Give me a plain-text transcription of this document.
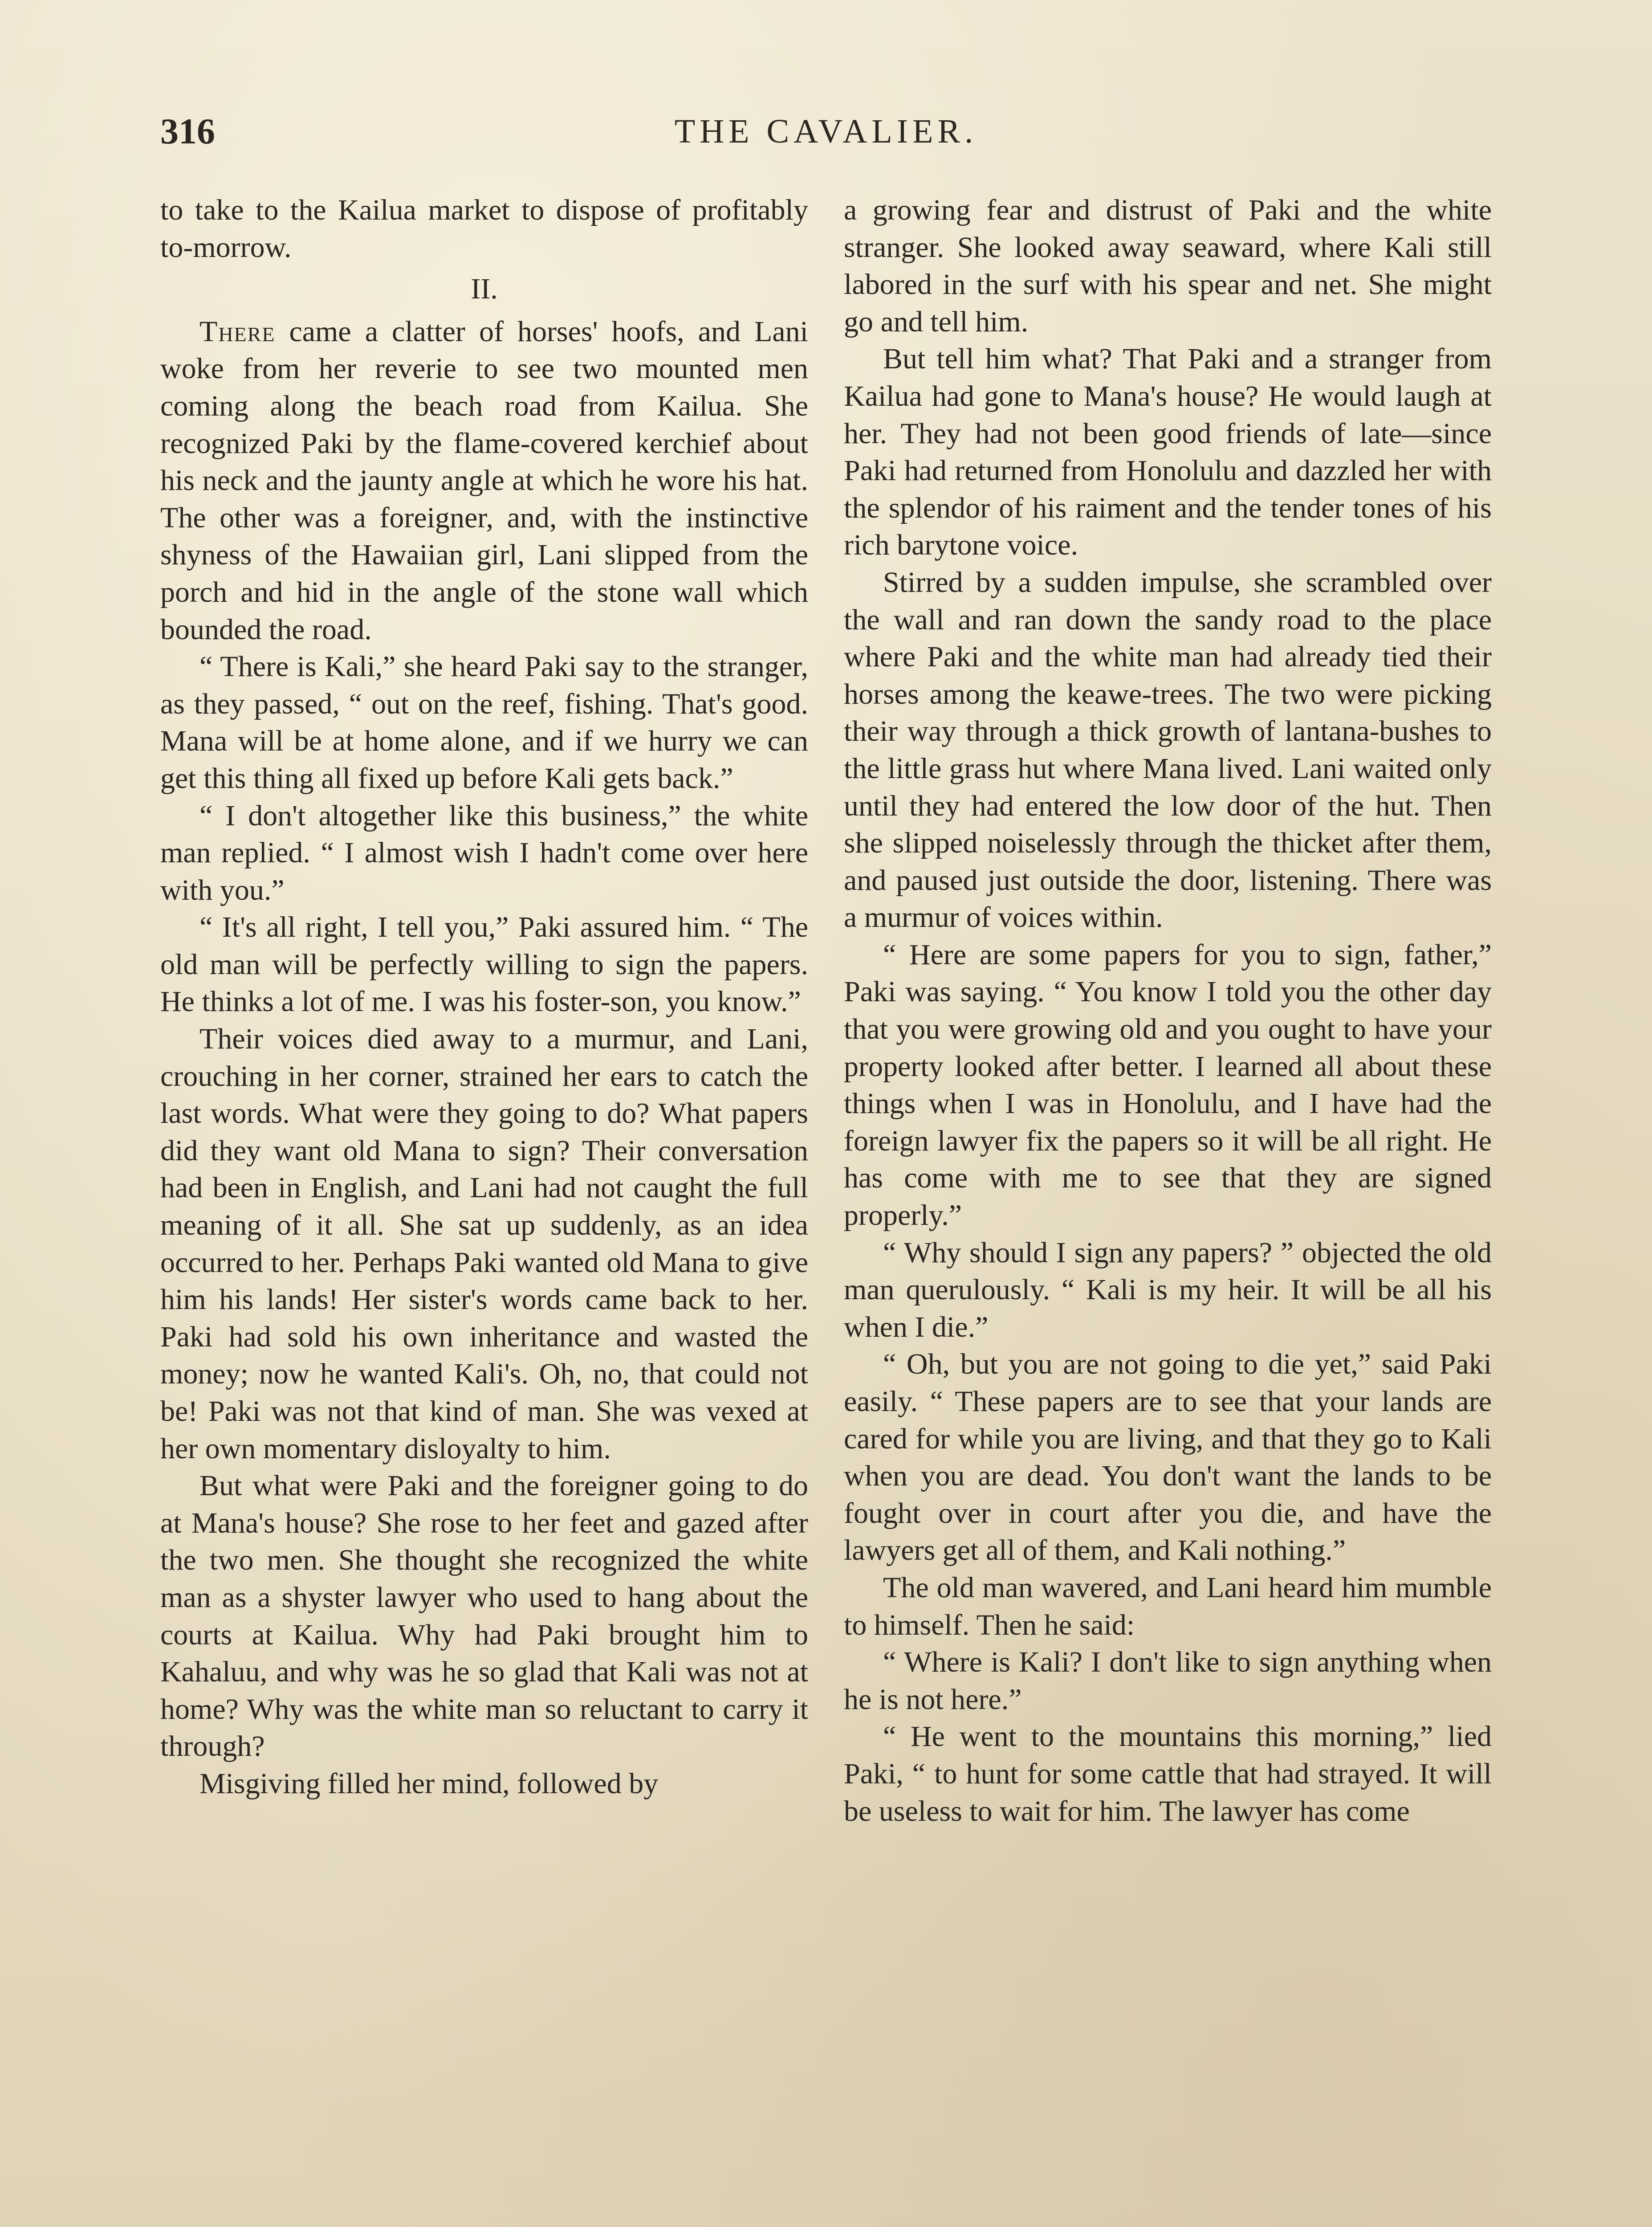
316	THE CAVALIER.

to take to the Kailua market to dispose of profitably to-morrow.

II.

There came a clatter of horses' hoofs, and Lani woke from her reverie to see two mounted men coming along the beach road from Kailua. She recognized Paki by the flame-covered kerchief about his neck and the jaunty angle at which he wore his hat. The other was a foreigner, and, with the instinctive shyness of the Hawaiian girl, Lani slipped from the porch and hid in the angle of the stone wall which bounded the road.

“ There is Kali,” she heard Paki say to the stranger, as they passed, “ out on the reef, fishing. That's good. Mana will be at home alone, and if we hurry we can get this thing all fixed up before Kali gets back.”

“ I don't altogether like this business,” the white man replied. “ I almost wish I hadn't come over here with you.”

“ It's all right, I tell you,” Paki assured him. “ The old man will be perfectly willing to sign the papers. He thinks a lot of me. I was his foster-son, you know.”

Their voices died away to a murmur, and Lani, crouching in her corner, strained her ears to catch the last words. What were they going to do? What papers did they want old Mana to sign? Their conversation had been in English, and Lani had not caught the full meaning of it all. She sat up suddenly, as an idea occurred to her. Perhaps Paki wanted old Mana to give him his lands! Her sister's words came back to her. Paki had sold his own inheritance and wasted the money; now he wanted Kali's. Oh, no, that could not be! Paki was not that kind of man. She was vexed at her own momentary disloyalty to him.

But what were Paki and the foreigner going to do at Mana's house? She rose to her feet and gazed after the two men. She thought she recognized the white man as a shyster lawyer who used to hang about the courts at Kailua. Why had Paki brought him to Kahaluu, and why was he so glad that Kali was not at home? Why was the white man so reluctant to carry it through?

Misgiving filled her mind, followed by

a growing fear and distrust of Paki and the white stranger. She looked away seaward, where Kali still labored in the surf with his spear and net. She might go and tell him.

But tell him what? That Paki and a stranger from Kailua had gone to Mana's house? He would laugh at her. They had not been good friends of late—since Paki had returned from Honolulu and dazzled her with the splendor of his raiment and the tender tones of his rich barytone voice.

Stirred by a sudden impulse, she scrambled over the wall and ran down the sandy road to the place where Paki and the white man had already tied their horses among the keawe-trees. The two were picking their way through a thick growth of lantana-bushes to the little grass hut where Mana lived. Lani waited only until they had entered the low door of the hut. Then she slipped noiselessly through the thicket after them, and paused just outside the door, listening. There was a murmur of voices within.

“ Here are some papers for you to sign, father,” Paki was saying. “ You know I told you the other day that you were growing old and you ought to have your property looked after better. I learned all about these things when I was in Honolulu, and I have had the foreign lawyer fix the papers so it will be all right. He has come with me to see that they are signed properly.”

“ Why should I sign any papers? ” objected the old man querulously. “ Kali is my heir. It will be all his when I die.”

“ Oh, but you are not going to die yet,” said Paki easily. “ These papers are to see that your lands are cared for while you are living, and that they go to Kali when you are dead. You don't want the lands to be fought over in court after you die, and have the lawyers get all of them, and Kali nothing.”

The old man wavered, and Lani heard him mumble to himself. Then he said:

“ Where is Kali? I don't like to sign anything when he is not here.”

“ He went to the mountains this morning,” lied Paki, “ to hunt for some cattle that had strayed. It will be useless to wait for him. The lawyer has come
